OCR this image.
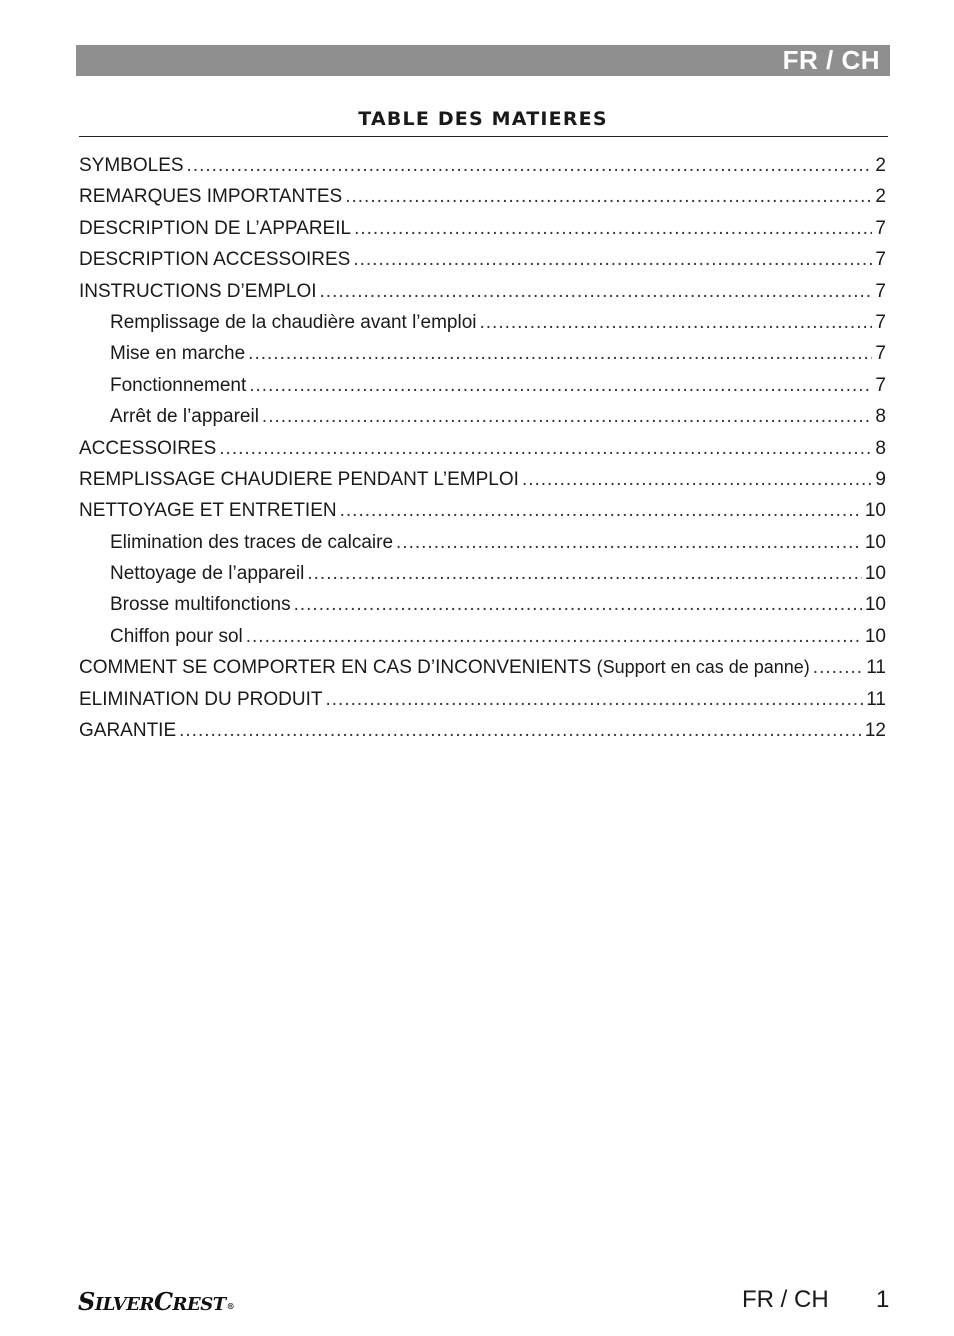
FR / CH
TABLE DES MATIERES
SYMBOLES .....	2
REMARQUES IMPORTANTES .....	2
DESCRIPTION DE L’APPAREIL .....	7
DESCRIPTION ACCESSOIRES .....	7
INSTRUCTIONS D’EMPLOI .....	7
Remplissage de la chaudière avant l’emploi .....	7
Mise en marche .....	7
Fonctionnement .....	7
Arrêt de l’appareil .....	8
ACCESSOIRES .....	8
REMPLISSAGE CHAUDIERE PENDANT L’EMPLOI .....	9
NETTOYAGE ET ENTRETIEN .....	10
Elimination des traces de calcaire .....	10
Nettoyage de l’appareil .....	10
Brosse multifonctions .....	10
Chiffon pour sol .....	10
COMMENT SE COMPORTER EN CAS D’INCONVENIENTS (Support en cas de panne) .....	11
ELIMINATION DU PRODUIT .....	11
GARANTIE .....	12
SILVERCREST®	FR / CH 1
